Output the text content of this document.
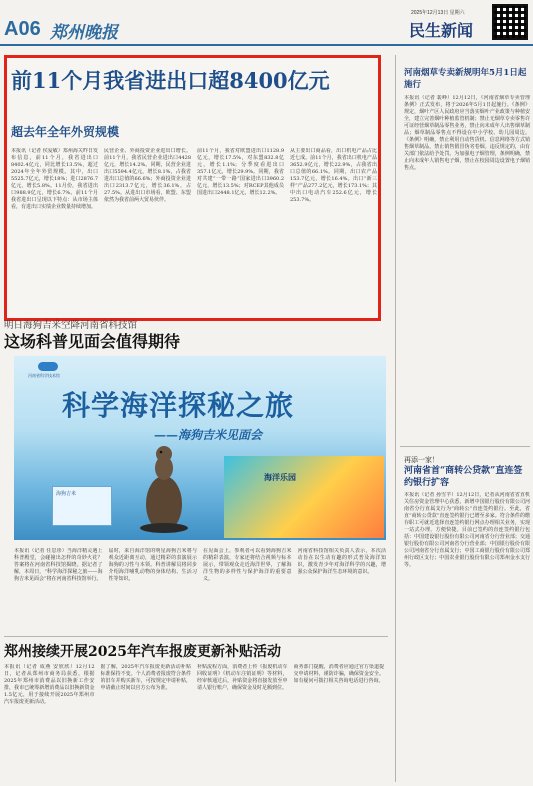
A06 郑州晚报
2025年12月13日 星期六
民生新闻
前11个月我省进出口超8400亿元
超去年全年外贸规模
本报讯（记者 侯爱敏）郑州海关昨日发布信息，前11个月，我省进出口8402.4亿元，同比增长13.5%，超过2024年全年外贸规模。其中，出口5525.7亿元，增长18%；进口2876.7亿元，增长5.8%。11月份，我省进出口988.9亿元，增长6.7%。前11个月我省进出口呈现以下特点：从市场主体看，有进出口实绩企业数量持续增加。
民营企业、外商投资企业进出口增长。前11个月，我省民营企业进出口4428亿元，增长14.2%。同期，民营企业进出口5594.4亿元，增长8.1%，占我省进出口总值的66.6%；外商投资企业进出口2313.7亿元，增长36.1%，占27.5%。从进出口市场看，欧盟、东盟依然为我省前两大贸易伙伴。
前11个月，我省对欧盟进出口1128.9亿元，增长17.5%，对东盟832.8亿元，增长1.1%；分季度看进出口357.1亿元，增长29.9%。同期，我省对共建“一带一路”国家进出口3960.2亿元，增长13.5%；对RCEP其他成员国进出口2448.1亿元，增长12.2%。
从主要出口商品看，出口机电产品占比近七成。前11个月，我省出口机电产品3652.9亿元，增长22.9%，占我省出口总值的66.1%。同期，出口农产品153.7亿元，增长16.4%。出口“新三样”产品277.2亿元，增长173.1%；其中出口电动汽车252.6亿元，增长253.7%。
河南烟草专卖新规明年5月1日起施行
本报讯（记者 裴峥）12月12日，《河南省烟草专卖管理条例》正式发布，将于2026年5月1日起施行。《条例》规定，烟叶产区人民政府应当落实烟叶产业政策与种植安全，建立完善烟叶种植监管机制；禁止无烟草专卖零售许可证经营烟草制品零售业务，禁止向未成年人出售烟草制品；烟草制品零售点不得设在中小学校、幼儿园周边。《条例》明确，禁止利用自动售货机、信息网络等方式销售烟草制品，禁止销售假冒伪劣卷烟。违反规定的，由有关部门依法给予处罚。为加强电子烟管理，条例明确，禁止向未成年人销售电子烟，禁止在校园周边设置电子烟销售点。
明日海狗吉米空降河南省科技馆
这场科普见面会值得期待
河南省科学技术馆
科学海洋探秘之旅
——海狗吉米见面会
海狗吉米
海洋乐园
本报讯（记者 任思彤）当海洋精灵遇上科普殿堂，会碰撞出怎样的奇妙火花？答案将在河南省科技馆揭晓。据记者了解，本周日，“科学海洋探秘之旅——海狗吉米见面会”将在河南省科技馆举行。
届时，来自海洋馆的明星海狗吉米将与观众近距离互动，通过精彩的表演展示海狗的习性与本领。科普讲解员将同步介绍海洋哺乳动物的身体结构、生活习性等知识。
在见面会上，参观者可以看到海狗吉米的精彩表演，专家还将结合视频与标本展示，带领观众走近海洋世界，了解海洋生物的多样性与保护海洋的重要意义。
河南省科技馆相关负责人表示，本次活动旨在以生动有趣的形式普及海洋知识，激发青少年对海洋科学的兴趣，增强公众保护海洋生态环境的意识。
再添一家！
河南省首“商转公贷款”直连签约银行扩容
本报讯（记者 孙雪芊）12月12日，记者从河南省省直机关住房资金管理中心获悉，新增中国银行股份有限公司河南省分行直属支行为“商转公”直连签约银行。至此，省直“商转公贷款”直连签约银行已增至多家。符合条件的缴存职工可就近选择直连签约银行网点办理相关业务，实现一站式办理，方便快捷。目前已签约的直连签约银行包括：中国建设银行股份有限公司河南省分行营业部；交通银行股份有限公司河南省分行营业部；中国银行股份有限公司河南省分行直属支行；中国工商银行股份有限公司郑州行政区支行；中国农业银行股份有限公司郑州金水支行等。
郑州接续开展2025年汽车报废更新补贴活动
本报讯（记者 成燕 安欣欣）12月12日，记者从郑州市商务局获悉，根据2025年郑州市消费品以旧换新工作安排，我市已统筹新增消费品以旧换新资金1.5亿元，用于接续开展2025年郑州市汽车报废更新活动。
据了解，2025年汽车报废更新活动补贴标准保持不变。个人消费者报废符合条件的旧车并购买新车，可按规定申请补贴，申请截止时间以官方公布为准。
补贴流程方面，消费者上传《报废机动车回收证明》《机动车注销证明》等材料，经审核通过后，补贴资金将直接发放至申请人银行账户，确保资金及时足额到位。
商务部门提醒，消费者应通过官方渠道提交申请材料，谨防诈骗，确保资金安全。如有疑问可拨打相关咨询电话进行咨询。
